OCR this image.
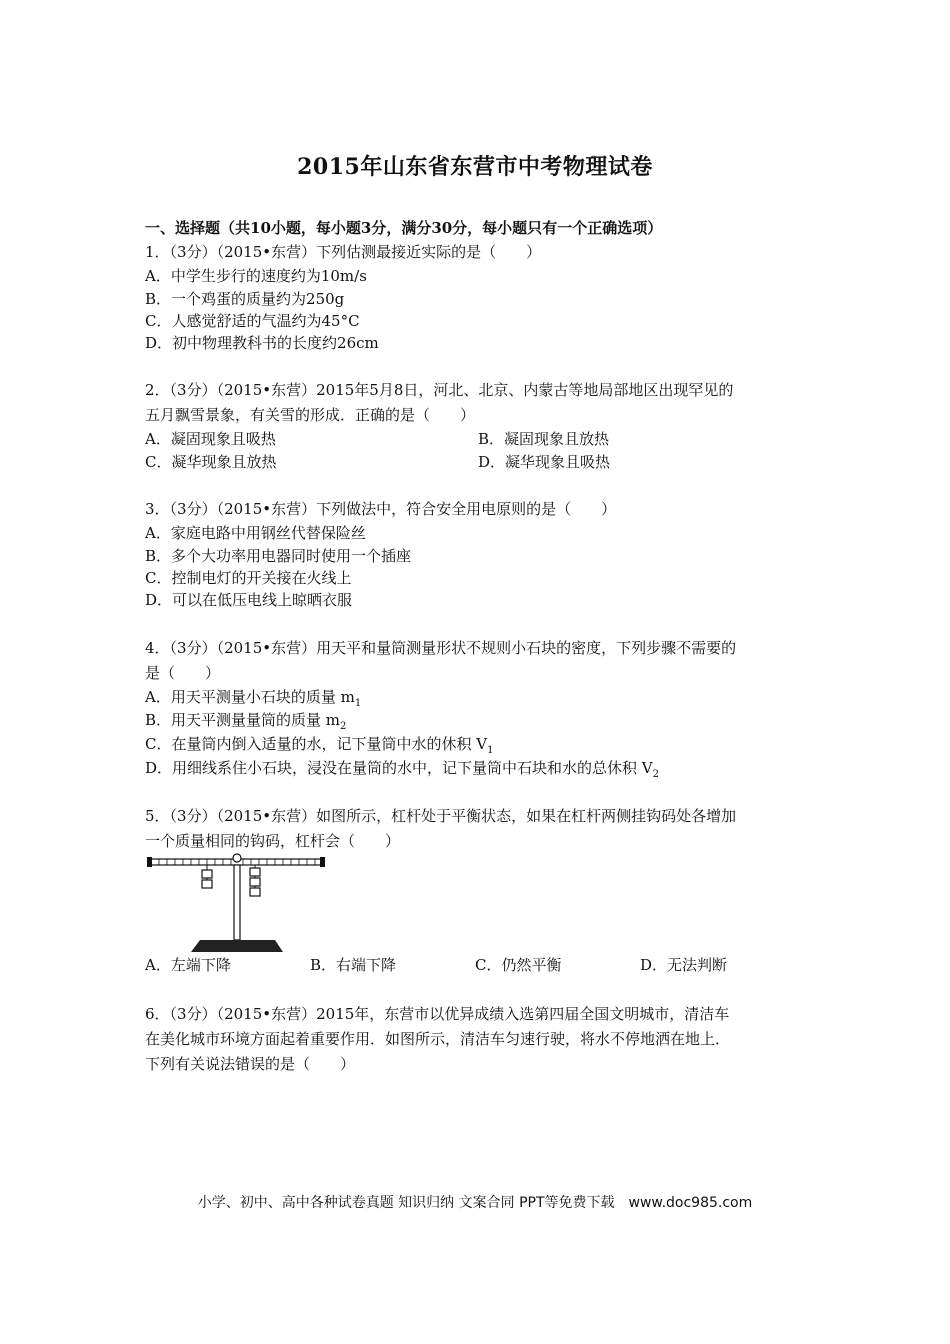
2015年山东省东营市中考物理试卷
一、选择题（共10小题，每小题3分，满分30分，每小题只有一个正确选项）
1．（3分）（2015•东营）下列估测最接近实际的是（　　）
A．中学生步行的速度约为10m/s
B．一个鸡蛋的质量约为250g
C．人感觉舒适的气温约为45°C
D．初中物理教科书的长度约26cm
2．（3分）（2015•东营）2015年5月8日，河北、北京、内蒙古等地局部地区出现罕见的
五月飘雪景象，有关雪的形成．正确的是（　　）
A．凝固现象且吸热	B．凝固现象且放热
C．凝华现象且放热	D．凝华现象且吸热
3．（3分）（2015•东营）下列做法中，符合安全用电原则的是（　　）
A．家庭电路中用钢丝代替保险丝
B．多个大功率用电器同时使用一个插座
C．控制电灯的开关接在火线上
D．可以在低压电线上晾晒衣服
4．（3分）（2015•东营）用天平和量筒测量形状不规则小石块的密度，下列步骤不需要的
是（　　）
A．用天平测量小石块的质量 $m_1$
B．用天平测量量筒的质量 $m_2$
C．在量筒内倒入适量的水，记下量筒中水的休积 $V_1$
D．用细线系住小石块，浸没在量筒的水中，记下量筒中石块和水的总休积 $V_2$
5．（3分）（2015•东营）如图所示，杠杆处于平衡状态，如果在杠杆两侧挂钩码处各增加
一个质量相同的钩码，杠杆会（　　）
A．左端下降	B．右端下降	C．仍然平衡	D．无法判断
6．（3分）（2015•东营）2015年，东营市以优异成绩入选第四届全国文明城市，清洁车
在美化城市环境方面起着重要作用．如图所示，清洁车匀速行驶，将水不停地洒在地上．
下列有关说法错误的是（　　）
小学、初中、高中各种试卷真题 知识归纳 文案合同 PPT等免费下载　www.doc985.com
